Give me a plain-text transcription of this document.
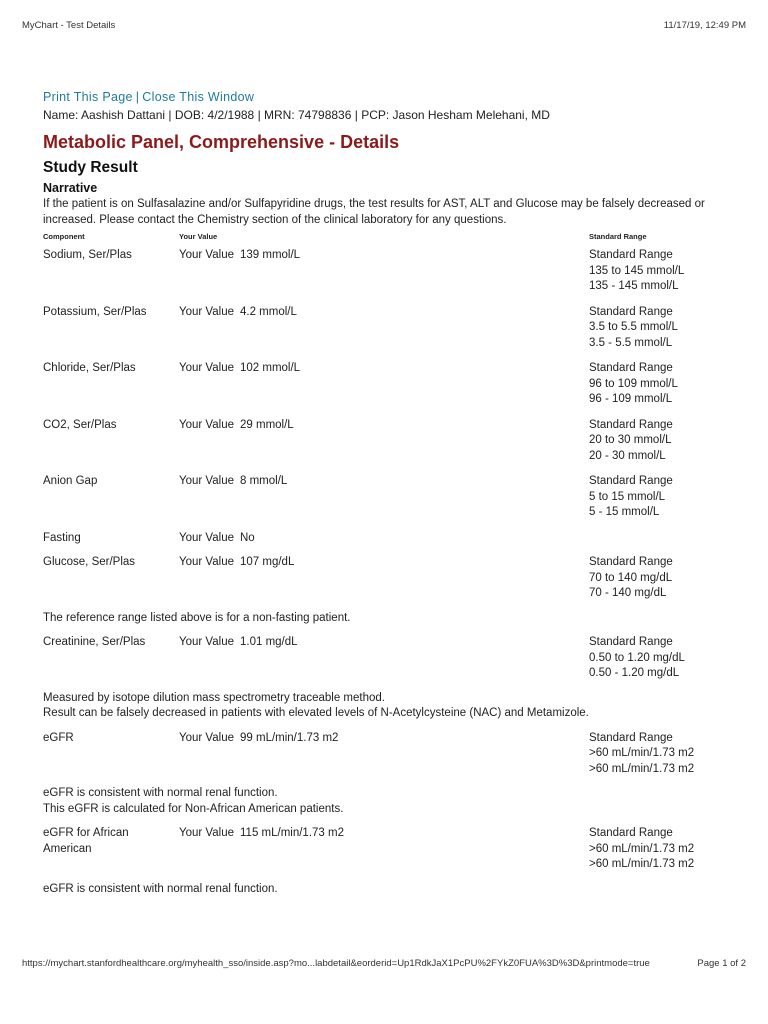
MyChart - Test Details	11/17/19, 12:49 PM
Print This Page | Close This Window
Name: Aashish Dattani | DOB: 4/2/1988 | MRN: 74798836 | PCP: Jason Hesham Melehani, MD
Metabolic Panel, Comprehensive - Details
Study Result
Narrative
If the patient is on Sulfasalazine and/or Sulfapyridine drugs, the test results for AST, ALT and Glucose may be falsely decreased or increased. Please contact the Chemistry section of the clinical laboratory for any questions.
Component	Your Value	Standard Range
Sodium, Ser/Plas	Your Value 139 mmol/L	Standard Range
135 to 145 mmol/L
135 - 145 mmol/L
Potassium, Ser/Plas	Your Value 4.2 mmol/L	Standard Range
3.5 to 5.5 mmol/L
3.5 - 5.5 mmol/L
Chloride, Ser/Plas	Your Value 102 mmol/L	Standard Range
96 to 109 mmol/L
96 - 109 mmol/L
CO2, Ser/Plas	Your Value 29 mmol/L	Standard Range
20 to 30 mmol/L
20 - 30 mmol/L
Anion Gap	Your Value 8 mmol/L	Standard Range
5 to 15 mmol/L
5 - 15 mmol/L
Fasting	Your Value No
Glucose, Ser/Plas	Your Value 107 mg/dL	Standard Range
70 to 140 mg/dL
70 - 140 mg/dL
The reference range listed above is for a non-fasting patient.
Creatinine, Ser/Plas	Your Value 1.01 mg/dL	Standard Range
0.50 to 1.20 mg/dL
0.50 - 1.20 mg/dL
Measured by isotope dilution mass spectrometry traceable method.
Result can be falsely decreased in patients with elevated levels of N-Acetylcysteine (NAC) and Metamizole.
eGFR	Your Value 99 mL/min/1.73 m2	Standard Range
>60 mL/min/1.73 m2
>60 mL/min/1.73 m2
eGFR is consistent with normal renal function.
This eGFR is calculated for Non-African American patients.
eGFR for African American
Your Value 115 mL/min/1.73 m2	Standard Range
>60 mL/min/1.73 m2
>60 mL/min/1.73 m2
eGFR is consistent with normal renal function.
https://mychart.stanfordhealthcare.org/myhealth_sso/inside.asp?mo...labdetail&eorderid=Up1RdkJaX1PcPU%2FYkZ0FUA%3D%3D&printmode=true	Page 1 of 2
